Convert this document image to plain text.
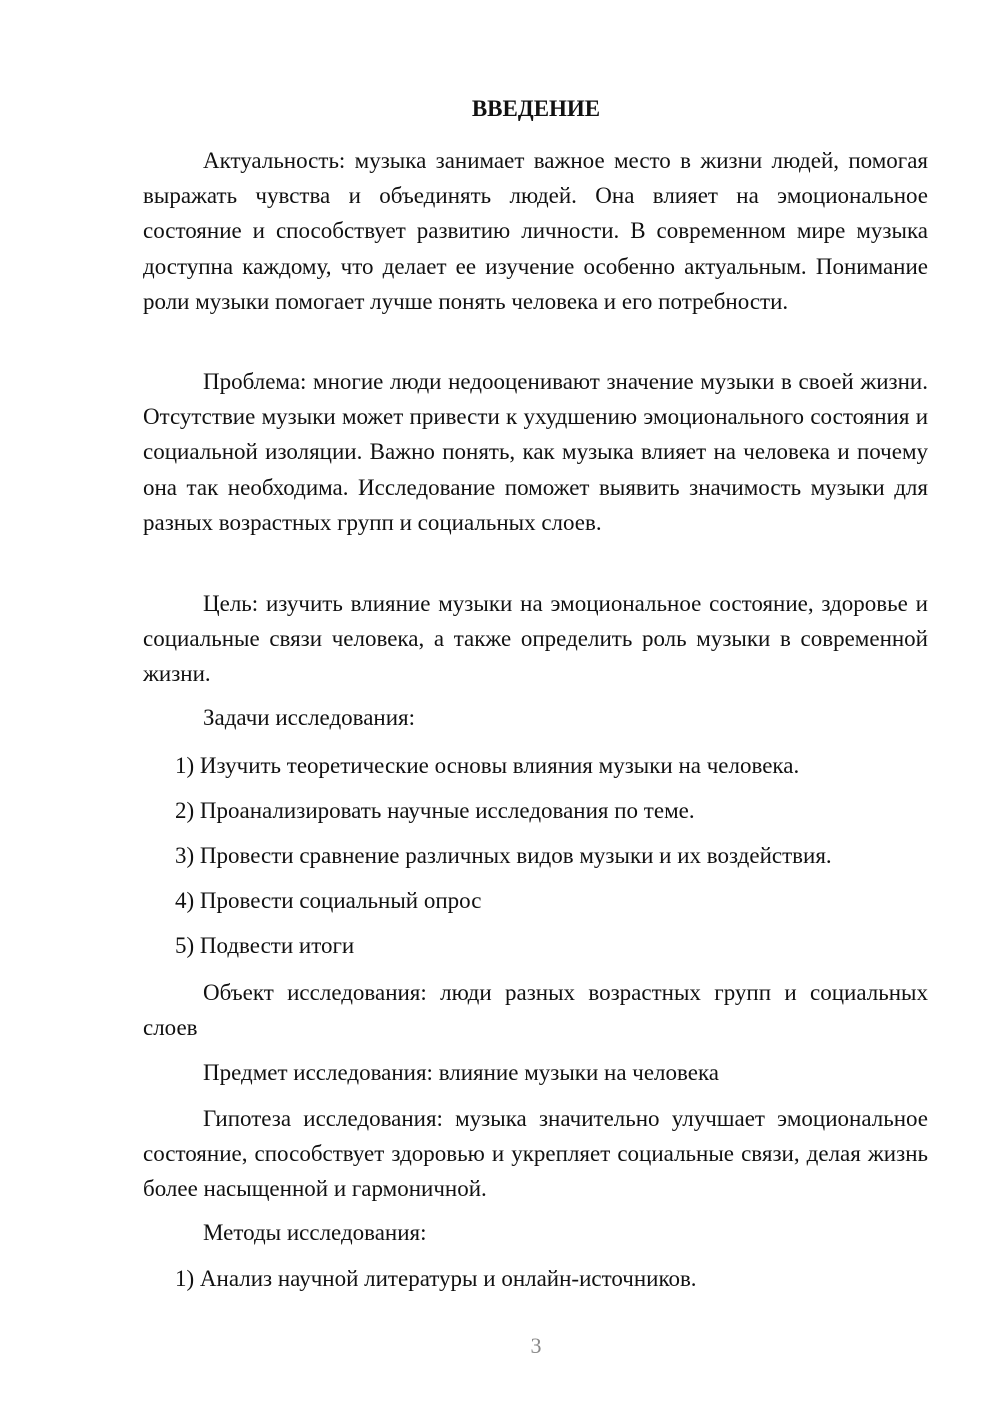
ВВЕДЕНИЕ

Актуальность: музыка занимает важное место в жизни людей, помогая выражать чувства и объединять людей. Она влияет на эмоциональное состояние и способствует развитию личности. В современном мире музыка доступна каждому, что делает ее изучение особенно актуальным. Понимание роли музыки помогает лучше понять человека и его потребности.

Проблема: многие люди недооценивают значение музыки в своей жизни. Отсутствие музыки может привести к ухудшению эмоционального состояния и социальной изоляции. Важно понять, как музыка влияет на человека и почему она так необходима. Исследование поможет выявить значимость музыки для разных возрастных групп и социальных слоев.

Цель: изучить влияние музыки на эмоциональное состояние, здоровье и социальные связи человека, а также определить роль музыки в современной жизни.

Задачи исследования:

1) Изучить теоретические основы влияния музыки на человека.

2) Проанализировать научные исследования по теме.

3) Провести сравнение различных видов музыки и их воздействия.

4) Провести социальный опрос

5) Подвести итоги

Объект исследования: люди разных возрастных групп и социальных слоев

Предмет исследования: влияние музыки на человека

Гипотеза исследования: музыка значительно улучшает эмоциональное состояние, способствует здоровью и укрепляет социальные связи, делая жизнь более насыщенной и гармоничной.

Методы исследования:

1) Анализ научной литературы и онлайн-источников.

3
